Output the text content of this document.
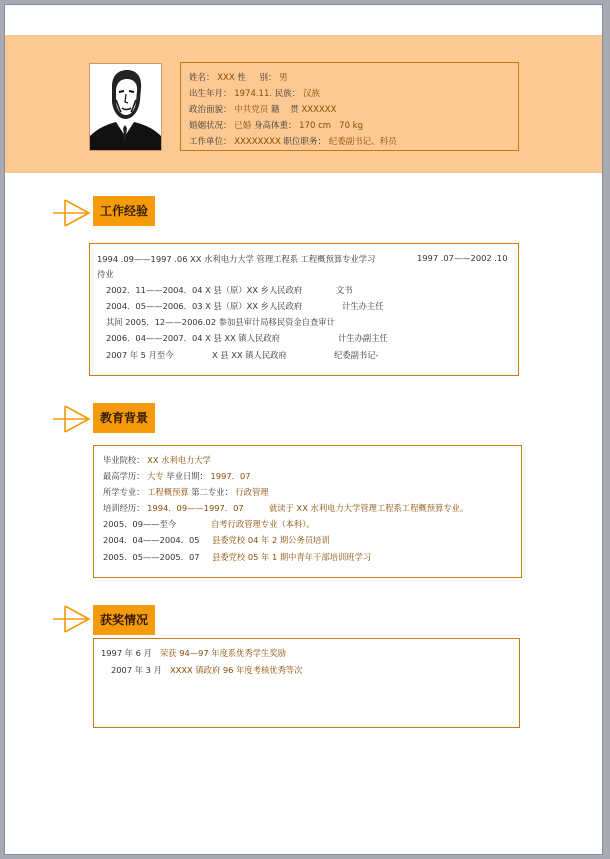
姓名： XXX 性 别： 男
出生年月： 1974.11. 民族： 汉族
政治面貌： 中共党员 籍 贯 XXXXXX
婚姻状况： 已婚 身高体重： 170 cm 70 kg
工作单位： XXXXXXXX 职位职务： 纪委副书记、科员
工作经验
1994 .09——1997 .06 XX 水利电力大学 管理工程系 工程概预算专业学习	1997 .07——2002 .10
待业
2002．11——2004．04 X 县（原）XX 乡人民政府	文书
2004．05——2006．03 X 县（原）XX 乡人民政府	计生办主任
其间 2005．12——2006.02 参加县审计局移民资金自查审计
2006．04——2007．04 X 县 XX 镇人民政府	计生办副主任
2007 年 5 月至今	X 县 XX 镇人民政府	纪委副书记-
教育背景
毕业院校： XX 水利电力大学
最高学历： 大专 毕业日期： 1997．07
所学专业： 工程概预算 第二专业： 行政管理
培训经历： 1994．09——1997．07	就读于 XX 水利电力大学管理工程系工程概预算专业。
2005．09——至今	自考行政管理专业（本科）。
2004．04——2004．05 县委党校 04 年 2 期公务员培训
2005．05——2005．07 县委党校 05 年 1 期中青年干部培训班学习
获奖情况
1997 年 6 月 荣获 94—97 年度系优秀学生奖励
2007 年 3 月 XXXX 镇政府 96 年度考核优秀等次
